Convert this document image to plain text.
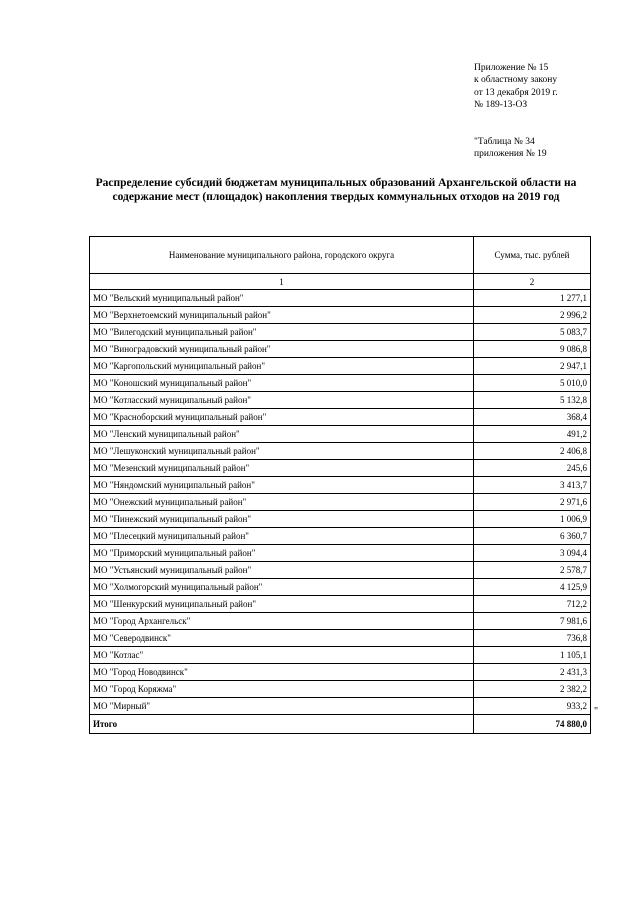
Приложение № 15
к областному закону
от 13 декабря 2019 г.
№ 189-13-ОЗ
"Таблица № 34
приложения № 19
Распределение субсидий бюджетам муниципальных образований Архангельской области на содержание мест (площадок) накопления твердых коммунальных отходов на 2019 год
Наименование муниципального района, городского округа	Сумма, тыс. рублей
1	2
МО "Вельский муниципальный район"	1 277,1
МО "Верхнетоемский муниципальный район"	2 996,2
МО "Вилегодский муниципальный район"	5 083,7
МО "Виноградовский муниципальный район"	9 086,8
МО "Каргопольский муниципальный район"	2 947,1
МО "Коношский муниципальный район"	5 010,0
МО "Котласский муниципальный район"	5 132,8
МО "Красноборский муниципальный район"	368,4
МО "Ленский муниципальный район"	491,2
МО "Лешуконский муниципальный район"	2 406,8
МО "Мезенский муниципальный район"	245,6
МО "Няндомский муниципальный район"	3 413,7
МО "Онежский муниципальный район"	2 971,6
МО "Пинежский муниципальный район"	1 006,9
МО "Плесецкий муниципальный район"	6 360,7
МО "Приморский муниципальный район"	3 094,4
МО "Устьянский муниципальный район"	2 578,7
МО "Холмогорский муниципальный район"	4 125,9
МО "Шенкурский муниципальный район"	712,2
МО "Город Архангельск"	7 981,6
МО "Северодвинск"	736,8
МО "Котлас"	1 105,1
МО "Город Новодвинск"	2 431,3
МО "Город Коряжма"	2 382,2
МО "Мирный"	933,2
Итого	74 880,0
"
